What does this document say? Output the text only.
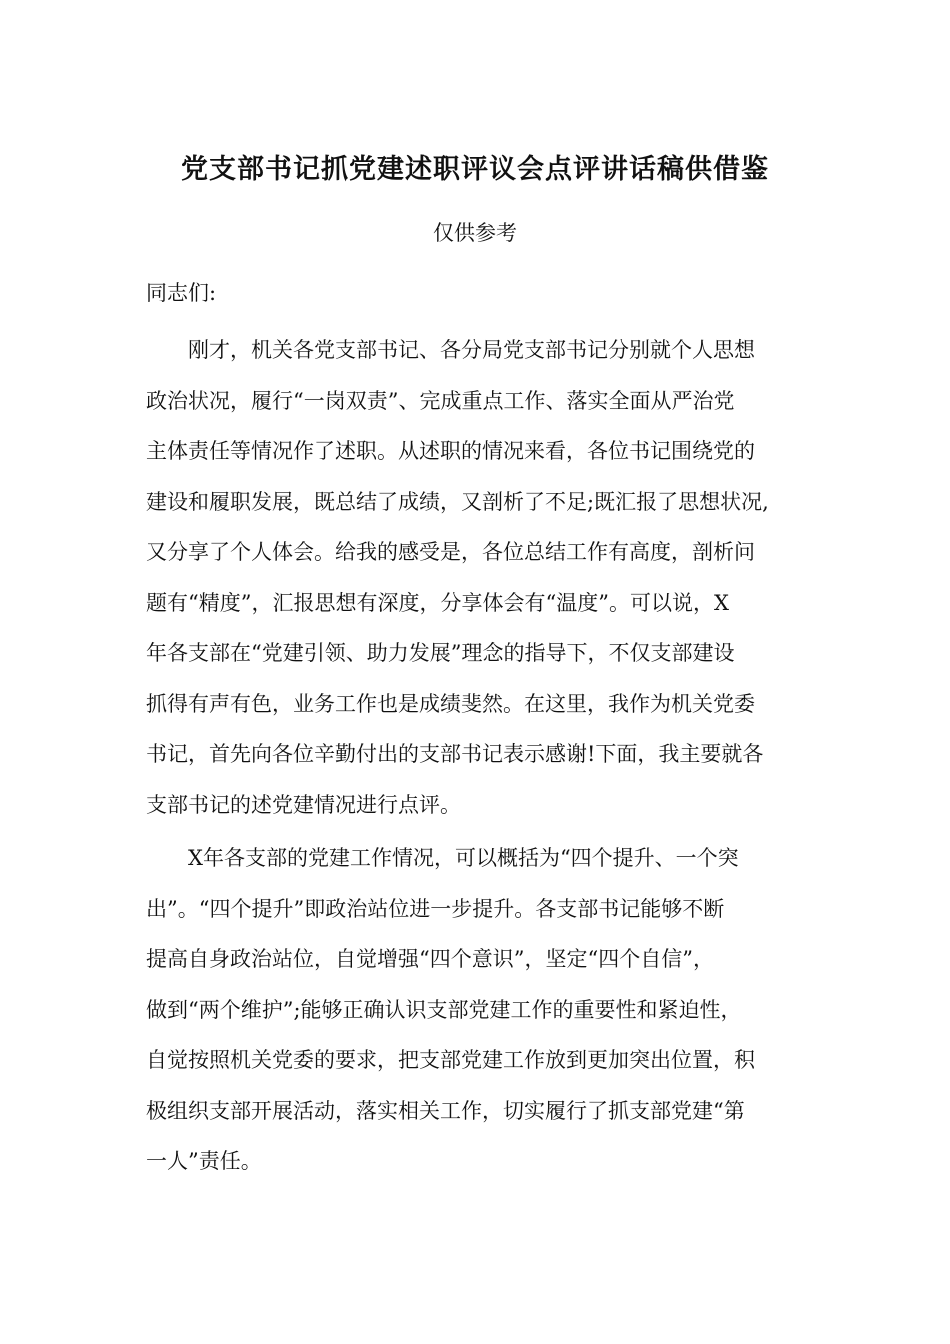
党支部书记抓党建述职评议会点评讲话稿供借鉴

仅供参考

同志们:

刚才，机关各党支部书记、各分局党支部书记分别就个人思想
政治状况，履行“一岗双责”、完成重点工作、落实全面从严治党
主体责任等情况作了述职。从述职的情况来看，各位书记围绕党的
建设和履职发展，既总结了成绩，又剖析了不足;既汇报了思想状况,
又分享了个人体会。给我的感受是，各位总结工作有高度，剖析问
题有“精度”，汇报思想有深度，分享体会有“温度”。可以说，X
年各支部在“党建引领、助力发展”理念的指导下，不仅支部建设
抓得有声有色，业务工作也是成绩斐然。在这里，我作为机关党委
书记，首先向各位辛勤付出的支部书记表示感谢!下面，我主要就各
支部书记的述党建情况进行点评。

X年各支部的党建工作情况，可以概括为“四个提升、一个突
出”。“四个提升”即政治站位进一步提升。各支部书记能够不断
提高自身政治站位，自觉增强“四个意识”，坚定“四个自信”，
做到“两个维护”;能够正确认识支部党建工作的重要性和紧迫性，
自觉按照机关党委的要求，把支部党建工作放到更加突出位置，积
极组织支部开展活动，落实相关工作，切实履行了抓支部党建“第
一人”责任。
